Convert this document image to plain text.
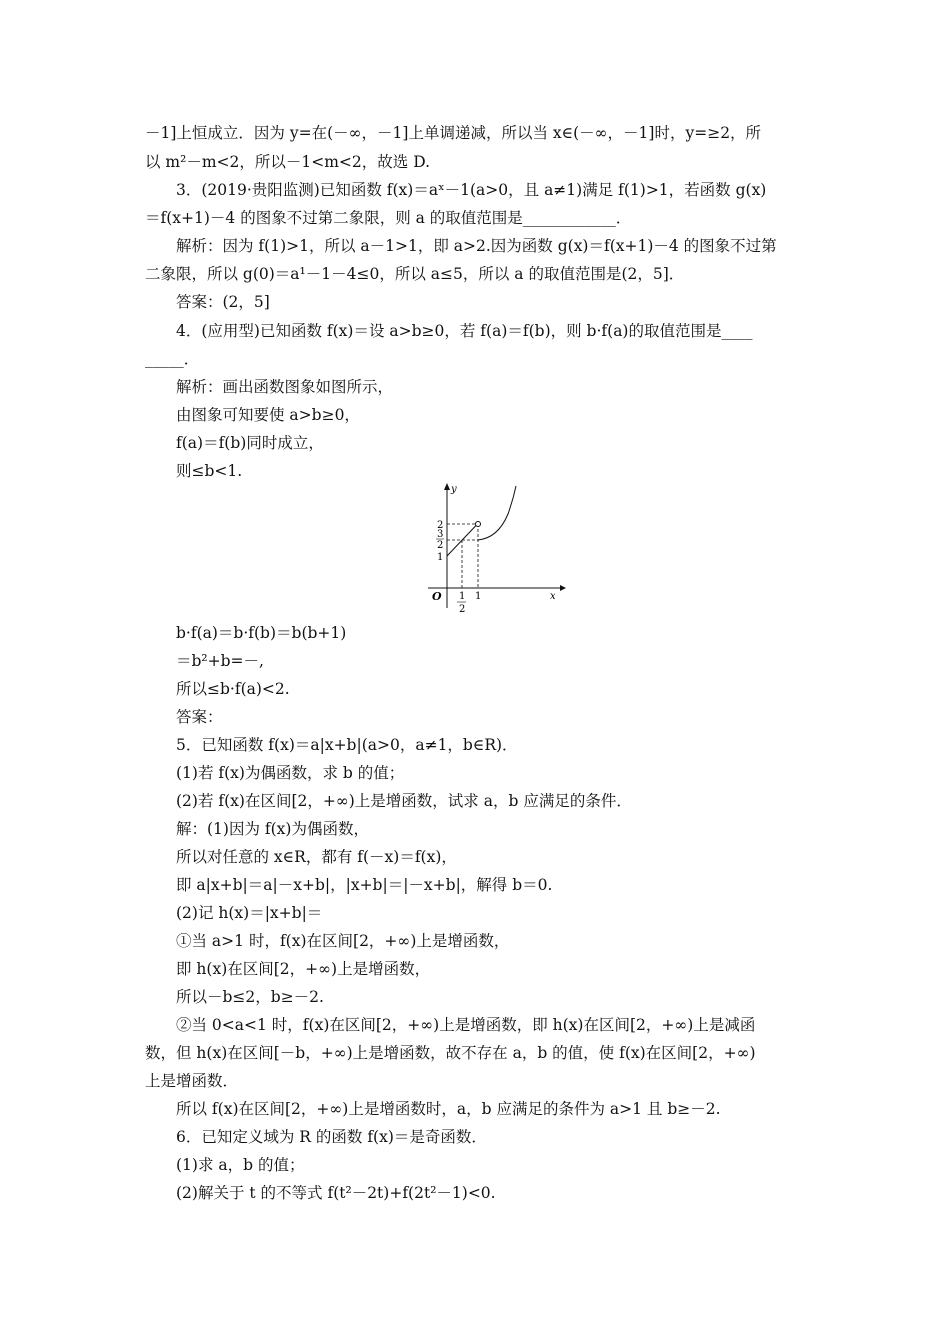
－1]上恒成立．因为 y=在(－∞，－1]上单调递减，所以当 x∈(－∞，－1]时，y=≥2，所
以 m²－m<2，所以－1<m<2，故选 D.
3．(2019·贵阳监测)已知函数 f(x)＝aˣ－1(a>0，且 a≠1)满足 f(1)>1，若函数 g(x)
＝f(x+1)－4 的图象不过第二象限，则 a 的取值范围是____________．
解析：因为 f(1)>1，所以 a－1>1，即 a>2.因为函数 g(x)＝f(x+1)－4 的图象不过第
二象限，所以 g(0)＝a¹－1－4≤0，所以 a≤5，所以 a 的取值范围是(2，5]．
答案：(2，5]
4．(应用型)已知函数 f(x)＝设 a>b≥0，若 f(a)＝f(b)，则 b·f(a)的取值范围是____
_____．
解析：画出函数图象如图所示，
由图象可知要使 a>b≥0，
f(a)＝f(b)同时成立，
则≤b<1.
y
x
O
2
3
2
1
1
2
1
b·f(a)＝b·f(b)＝b(b+1)
＝b²+b=－,
所以≤b·f(a)<2.
答案：
5．已知函数 f(x)＝a|x+b|(a>0，a≠1，b∈R)．
(1)若 f(x)为偶函数，求 b 的值；
(2)若 f(x)在区间[2，+∞)上是增函数，试求 a，b 应满足的条件．
解：(1)因为 f(x)为偶函数，
所以对任意的 x∈R，都有 f(－x)＝f(x)，
即 a|x+b|＝a|－x+b|，|x+b|＝|－x+b|，解得 b＝0.
(2)记 h(x)＝|x+b|＝
①当 a>1 时，f(x)在区间[2，+∞)上是增函数，
即 h(x)在区间[2，+∞)上是增函数，
所以－b≤2，b≥－2.
②当 0<a<1 时，f(x)在区间[2，+∞)上是增函数，即 h(x)在区间[2，+∞)上是减函
数，但 h(x)在区间[－b，+∞)上是增函数，故不存在 a，b 的值，使 f(x)在区间[2，+∞)
上是增函数．
所以 f(x)在区间[2，+∞)上是增函数时，a，b 应满足的条件为 a>1 且 b≥－2.
6．已知定义域为 R 的函数 f(x)＝是奇函数．
(1)求 a，b 的值；
(2)解关于 t 的不等式 f(t²－2t)+f(2t²－1)<0.
